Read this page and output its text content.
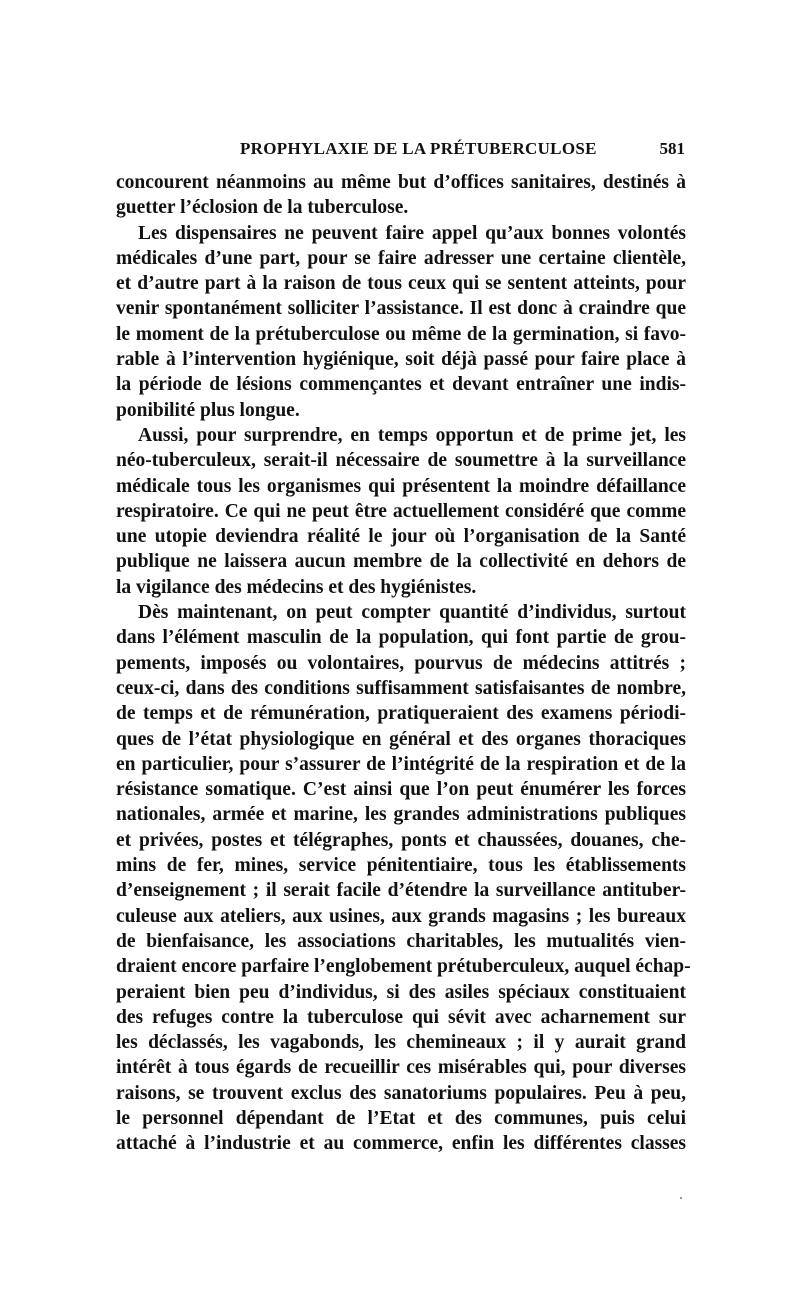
PROPHYLAXIE DE LA PRÉTUBERCULOSE	581
concourent néanmoins au même but d’offices sanitaires, destinés à
guetter l’éclosion de la tuberculose.
Les dispensaires ne peuvent faire appel qu’aux bonnes volontés
médicales d’une part, pour se faire adresser une certaine clientèle,
et d’autre part à la raison de tous ceux qui se sentent atteints, pour
venir spontanément solliciter l’assistance. Il est donc à craindre que
le moment de la prétuberculose ou même de la germination, si favo-
rable à l’intervention hygiénique, soit déjà passé pour faire place à
la période de lésions commençantes et devant entraîner une indis-
ponibilité plus longue.
Aussi, pour surprendre, en temps opportun et de prime jet, les
néo-tuberculeux, serait-il nécessaire de soumettre à la surveillance
médicale tous les organismes qui présentent la moindre défaillance
respiratoire. Ce qui ne peut être actuellement considéré que comme
une utopie deviendra réalité le jour où l’organisation de la Santé
publique ne laissera aucun membre de la collectivité en dehors de
la vigilance des médecins et des hygiénistes.
Dès maintenant, on peut compter quantité d’individus, surtout
dans l’élément masculin de la population, qui font partie de grou-
pements, imposés ou volontaires, pourvus de médecins attitrés ;
ceux-ci, dans des conditions suffisamment satisfaisantes de nombre,
de temps et de rémunération, pratiqueraient des examens périodi-
ques de l’état physiologique en général et des organes thoraciques
en particulier, pour s’assurer de l’intégrité de la respiration et de la
résistance somatique. C’est ainsi que l’on peut énumérer les forces
nationales, armée et marine, les grandes administrations publiques
et privées, postes et télégraphes, ponts et chaussées, douanes, che-
mins de fer, mines, service pénitentiaire, tous les établissements
d’enseignement ; il serait facile d’étendre la surveillance antituber-
culeuse aux ateliers, aux usines, aux grands magasins ; les bureaux
de bienfaisance, les associations charitables, les mutualités vien-
draient encore parfaire l’englobement prétuberculeux, auquel échap-
peraient bien peu d’individus, si des asiles spéciaux constituaient
des refuges contre la tuberculose qui sévit avec acharnement sur
les déclassés, les vagabonds, les chemineaux ; il y aurait grand
intérêt à tous égards de recueillir ces misérables qui, pour diverses
raisons, se trouvent exclus des sanatoriums populaires. Peu à peu,
le personnel dépendant de l’Etat et des communes, puis celui
attaché à l’industrie et au commerce, enfin les différentes classes
